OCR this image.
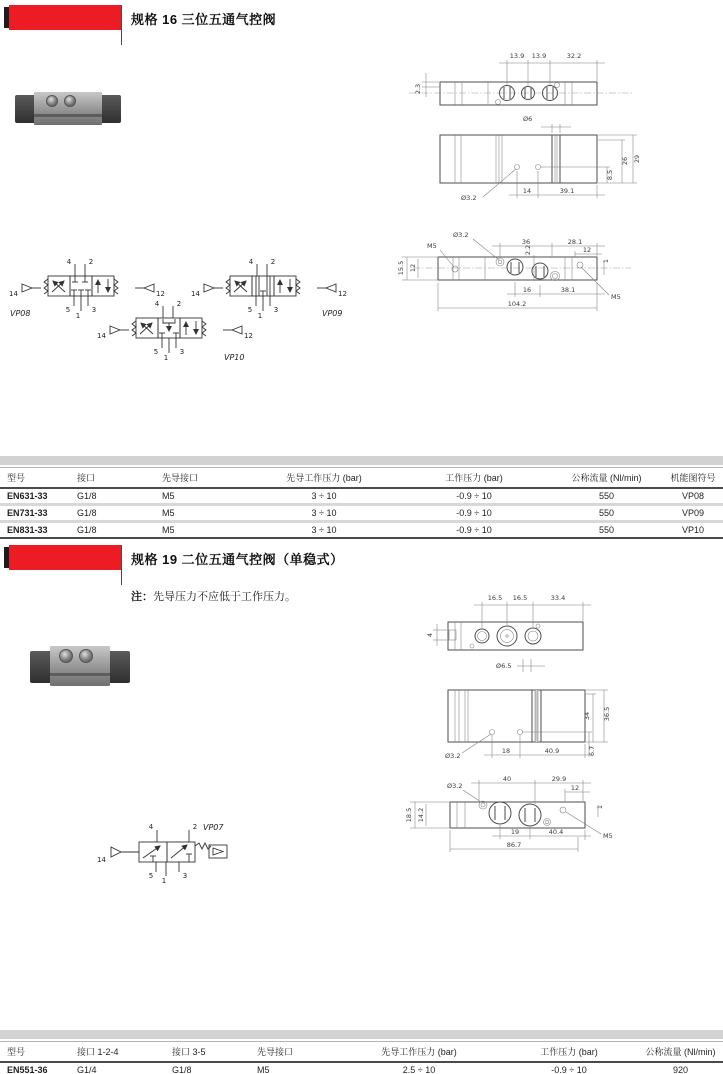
规格 16 三位五通气控阀
13.9 13.9	32.2
2.3
Ø6
29
26
8.5
Ø3.2
14	39.1
36	28.1
12
Ø3.2
M5
M5
2.2
1
15.5 12
16	38.1
104.2
14	12
4	2
5
1
3
VP08
14	12
4	2
5
1
3	VP09
14	12
4	2
5
1
3
VP10
型号	接口	先导接口	先导工作压力 (bar)	工作压力 (bar)	公称流量 (Nl/min)	机能图符号
EN631-33	G1/8	M5	3 ÷ 10	-0.9 ÷ 10	550	VP08
EN731-33	G1/8	M5	3 ÷ 10	-0.9 ÷ 10	550	VP09
EN831-33	G1/8	M5	3 ÷ 10	-0.9 ÷ 10	550	VP10
规格 19 二位五通气控阀（单稳式）
注：先导压力不应低于工作压力。	16.5 16.5	33.4
4
Ø6.5
34 36.5
6.7
Ø3.2
18	40.9
40	29.9
12
Ø3.2
18.5 14.2
1
M5
19	40.4
86.7
14
4	2
5
1
3
VP07
型号	接口 1-2-4	接口 3-5	先导接口	先导工作压力 (bar)	工作压力 (bar)	公称流量 (Nl/min)
EN551-36	G1/4	G1/8	M5	2.5 ÷ 10	-0.9 ÷ 10	920
